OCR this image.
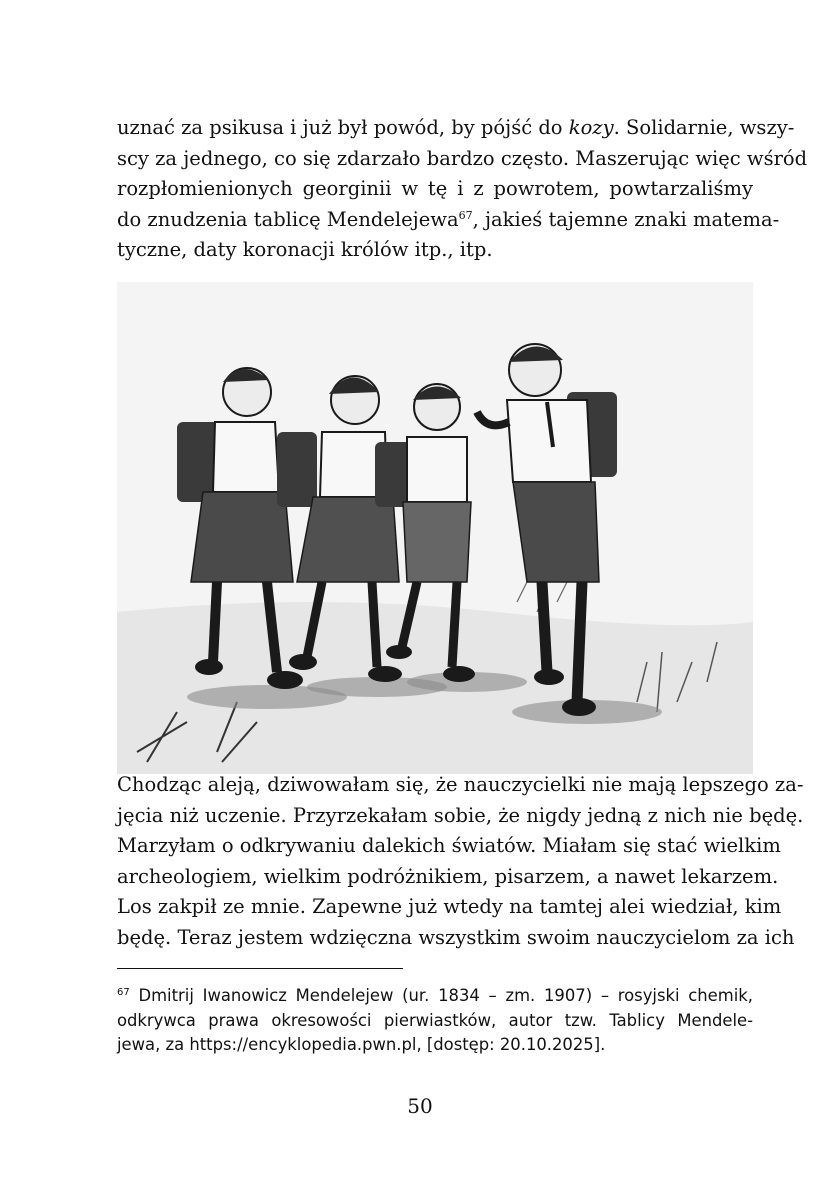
uznać za psikusa i już był powód, by pójść do kozy. Solidarnie, wszy-
scy za jednego, co się zdarzało bardzo często. Maszerując więc wśród
rozpłomienionych georginii w tę i z powrotem, powtarzaliśmy
do znudzenia tablicę Mendelejewa$^{67}$, jakieś tajemne znaki matema-
tyczne, daty koronacji królów itp., itp.
Chodząc aleją, dziwowałam się, że nauczycielki nie mają lepszego za-
jęcia niż uczenie. Przyrzekałam sobie, że nigdy jedną z nich nie będę.
Marzyłam o odkrywaniu dalekich światów. Miałam się stać wielkim
archeologiem, wielkim podróżnikiem, pisarzem, a nawet lekarzem.
Los zakpił ze mnie. Zapewne już wtedy na tamtej alei wiedział, kim
będę. Teraz jestem wdzięczna wszystkim swoim nauczycielom za ich
$^{67}$ Dmitrij Iwanowicz Mendelejew (ur. 1834 – zm. 1907) – rosyjski chemik,
odkrywca prawa okresowości pierwiastków, autor tzw. Tablicy Mendele-
jewa, za https://encyklopedia.pwn.pl, [dostęp: 20.10.2025].
50
